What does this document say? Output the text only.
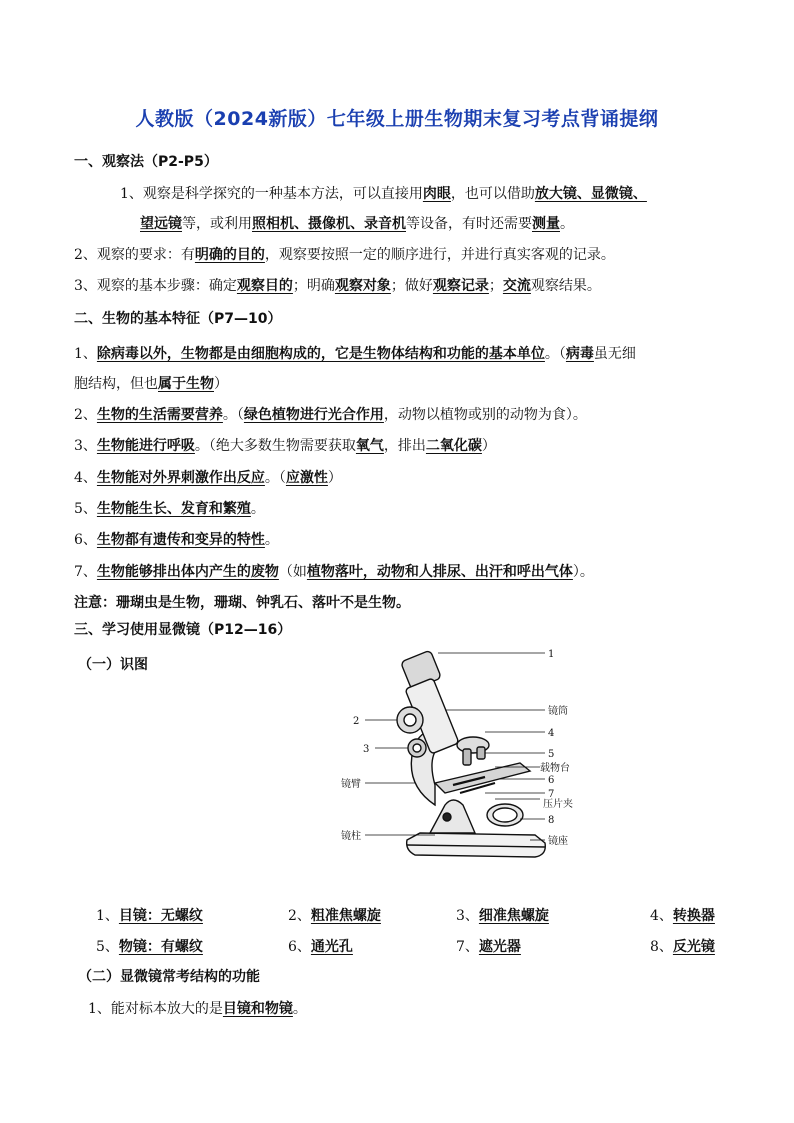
人教版（2024新版）七年级上册生物期末复习考点背诵提纲
一、观察法（P2-P5）
1、观察是科学探究的一种基本方法，可以直接用肉眼，也可以借助放大镜、显微镜、
望远镜等，或利用照相机、摄像机、录音机等设备，有时还需要测量。
2、观察的要求：有明确的目的，观察要按照一定的顺序进行，并进行真实客观的记录。
3、观察的基本步骤：确定观察目的；明确观察对象；做好观察记录；交流观察结果。
二、生物的基本特征（P7—10）
1、除病毒以外，生物都是由细胞构成的，它是生物体结构和功能的基本单位。（病毒虽无细
胞结构，但也属于生物）
2、生物的生活需要营养。（绿色植物进行光合作用，动物以植物或别的动物为食）。
3、生物能进行呼吸。（绝大多数生物需要获取氧气，排出二氧化碳）
4、生物能对外界刺激作出反应。（应激性）
5、生物能生长、发育和繁殖。
6、生物都有遗传和变异的特性。
7、生物能够排出体内产生的废物（如植物落叶，动物和人排尿、出汗和呼出气体）。
注意：珊瑚虫是生物，珊瑚、钟乳石、落叶不是生物。
三、学习使用显微镜（P12—16）
（一）识图
1
2
3
镜筒
4
5
载物台
6
镜臂
7
压片夹
8
镜柱	镜座
1、目镜：无螺纹	2、粗准焦螺旋	3、细准焦螺旋	4、转换器
5、物镜：有螺纹	6、通光孔	7、遮光器	8、反光镜
（二）显微镜常考结构的功能
1、能对标本放大的是目镜和物镜。
